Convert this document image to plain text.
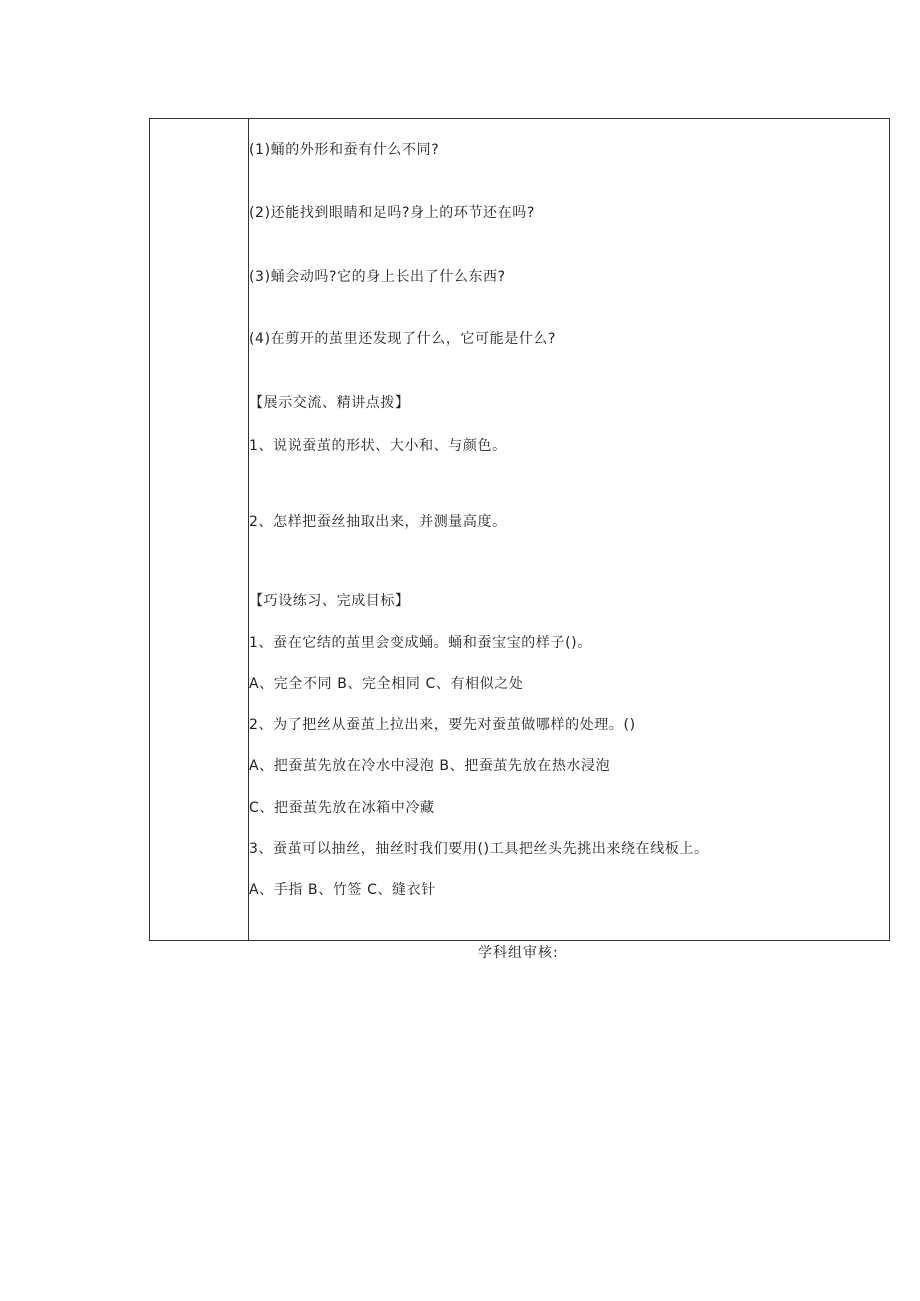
(1)蛹的外形和蚕有什么不同?
(2)还能找到眼睛和足吗?身上的环节还在吗?
(3)蛹会动吗?它的身上长出了什么东西?
(4)在剪开的茧里还发现了什么，它可能是什么?
【展示交流、精讲点拨】
1、说说蚕茧的形状、大小和、与颜色。
2、怎样把蚕丝抽取出来，并测量高度。
【巧设练习、完成目标】
1、蚕在它结的茧里会变成蛹。蛹和蚕宝宝的样子()。
A、完全不同 B、完全相同 C、有相似之处
2、为了把丝从蚕茧上拉出来，要先对蚕茧做哪样的处理。()
A、把蚕茧先放在冷水中浸泡 B、把蚕茧先放在热水浸泡
C、把蚕茧先放在冰箱中冷藏
3、蚕茧可以抽丝，抽丝时我们要用()工具把丝头先挑出来绕在线板上。
A、手指 B、竹签 C、缝衣针
学科组审核:
